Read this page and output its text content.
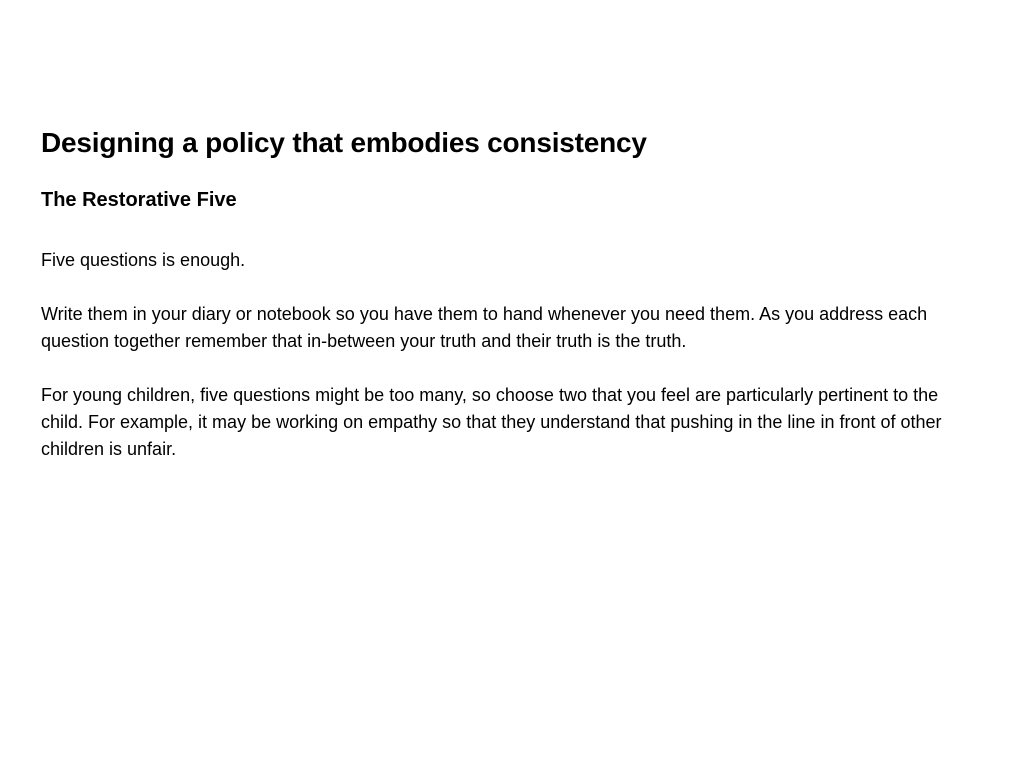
Designing a policy that embodies consistency
The Restorative Five

Five questions is enough.

Write them in your diary or notebook so you have them to hand whenever you need them. As you address each question together remember that in-between your truth and their truth is the truth.

For young children, five questions might be too many, so choose two that you feel are particularly pertinent to the child. For example, it may be working on empathy so that they understand that pushing in the line in front of other children is unfair.
